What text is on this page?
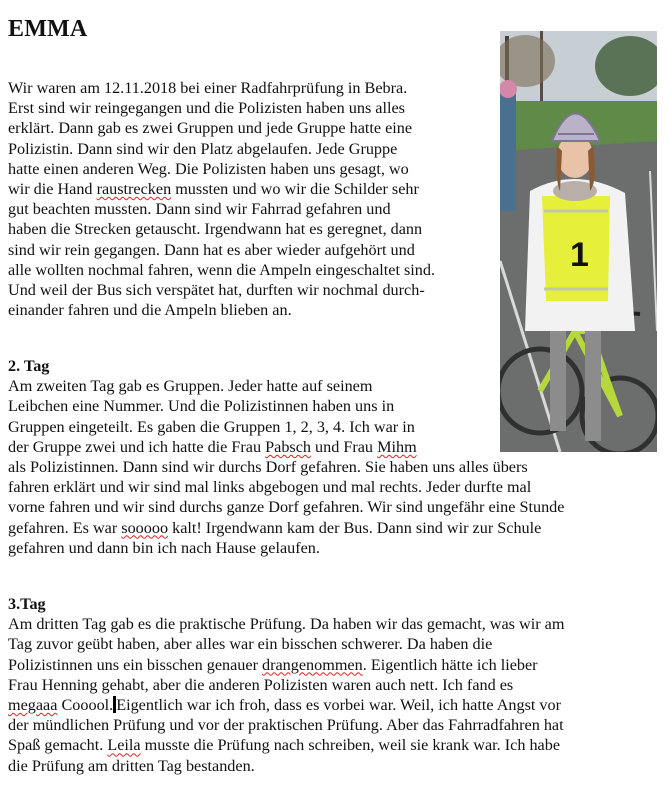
EMMA
1
Wir waren am 12.11.2018 bei einer Radfahrprüfung in Bebra.
Erst sind wir reingegangen und die Polizisten haben uns alles
erklärt. Dann gab es zwei Gruppen und jede Gruppe hatte eine
Polizistin. Dann sind wir den Platz abgelaufen. Jede Gruppe
hatte einen anderen Weg. Die Polizisten haben uns gesagt, wo
wir die Hand raustrecken mussten und wo wir die Schilder sehr
gut beachten mussten. Dann sind wir Fahrrad gefahren und
haben die Strecken getauscht. Irgendwann hat es geregnet, dann
sind wir rein gegangen. Dann hat es aber wieder aufgehört und
alle wollten nochmal fahren, wenn die Ampeln eingeschaltet sind.
Und weil der Bus sich verspätet hat, durften wir nochmal durch-
einander fahren und die Ampeln blieben an.
2. Tag
Am zweiten Tag gab es Gruppen. Jeder hatte auf seinem
Leibchen eine Nummer. Und die Polizistinnen haben uns in
Gruppen eingeteilt. Es gaben die Gruppen 1, 2, 3, 4. Ich war in
der Gruppe zwei und ich hatte die Frau Pabsch und Frau Mihm
als Polizistinnen. Dann sind wir durchs Dorf gefahren. Sie haben uns alles übers
fahren erklärt und wir sind mal links abgebogen und mal rechts. Jeder durfte mal
vorne fahren und wir sind durchs ganze Dorf gefahren. Wir sind ungefähr eine Stunde
gefahren. Es war sooooo kalt! Irgendwann kam der Bus. Dann sind wir zur Schule
gefahren und dann bin ich nach Hause gelaufen.
3.Tag
Am dritten Tag gab es die praktische Prüfung. Da haben wir das gemacht, was wir am
Tag zuvor geübt haben, aber alles war ein bisschen schwerer. Da haben die
Polizistinnen uns ein bisschen genauer drangenommen. Eigentlich hätte ich lieber
Frau Henning gehabt, aber die anderen Polizisten waren auch nett. Ich fand es
megaaa Cooool. Eigentlich war ich froh, dass es vorbei war. Weil, ich hatte Angst vor
der mündlichen Prüfung und vor der praktischen Prüfung. Aber das Fahrradfahren hat
Spaß gemacht. Leila musste die Prüfung nach schreiben, weil sie krank war. Ich habe
die Prüfung am dritten Tag bestanden.
